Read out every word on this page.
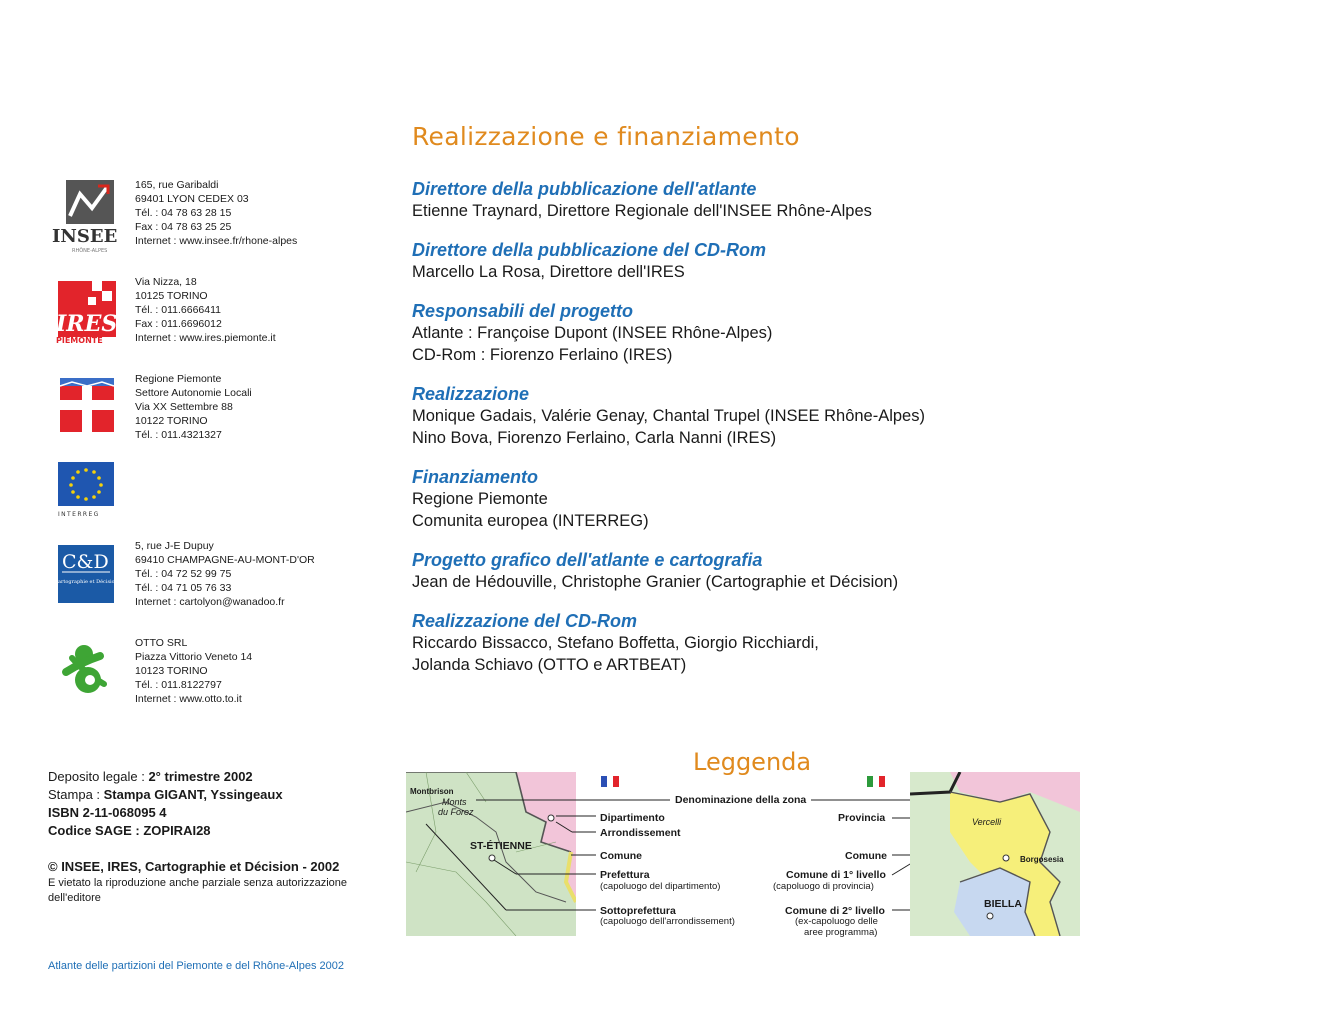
Realizzazione e finanziamento
Direttore della pubblicazione dell'atlante
Etienne Traynard, Direttore Regionale dell'INSEE Rhône-Alpes
Direttore della pubblicazione del CD-Rom
Marcello La Rosa, Direttore dell'IRES
Responsabili del progetto
Atlante : Françoise Dupont (INSEE Rhône-Alpes)
CD-Rom : Fiorenzo Ferlaino (IRES)
Realizzazione
Monique Gadais, Valérie Genay, Chantal Trupel (INSEE Rhône-Alpes)
Nino Bova, Fiorenzo Ferlaino, Carla Nanni (IRES)
Finanziamento
Regione Piemonte
Comunita europea (INTERREG)
Progetto grafico dell'atlante e cartografia
Jean de Hédouville, Christophe Granier (Cartographie et Décision)
Realizzazione del CD-Rom
Riccardo Bissacco, Stefano Boffetta, Giorgio Ricchiardi,
Jolanda Schiavo (OTTO e ARTBEAT)
INSEE
RHÔNE-ALPES
165, rue Garibaldi
69401 LYON CEDEX 03
Tél. : 04 78 63 28 15
Fax : 04 78 63 25 25
Internet : www.insee.fr/rhone-alpes
IRES
PIEMONTE
Via Nizza, 18
10125 TORINO
Tél. : 011.6666411
Fax : 011.6696012
Internet : www.ires.piemonte.it
Regione Piemonte
Settore Autonomie Locali
Via XX Settembre 88
10122 TORINO
Tél. : 011.4321327
INTERREG
C&D
Cartographie et Décision
5, rue J-E Dupuy
69410 CHAMPAGNE-AU-MONT-D'OR
Tél. : 04 72 52 99 75
Tél. : 04 71 05 76 33
Internet : cartolyon@wanadoo.fr
OTTO SRL
Piazza Vittorio Veneto 14
10123 TORINO
Tél. : 011.8122797
Internet : www.otto.to.it
Deposito legale : 2° trimestre 2002
Stampa : Stampa GIGANT, Yssingeaux
ISBN 2-11-068095 4
Codice SAGE : ZOPIRAI28
© INSEE, IRES, Cartographie et Décision - 2002
E vietato la riproduzione anche parziale senza autorizzazione dell'editore
Atlante delle partizioni del Piemonte e del Rhône-Alpes 2002
Leggenda
Montbrison
Monts
du Forez
ST-ÉTIENNE
Denominazione della zona
Dipartimento
Arrondissement
Comune
Prefettura
(capoluogo del dipartimento)
Sottoprefettura
(capoluogo dell'arrondissement)
Provincia
Comune
Comune di 1° livello
(capoluogo di provincia)
Comune di 2° livello
(ex-capoluogo delle
aree programma)
Vercelli
Borgosesia
BIELLA
